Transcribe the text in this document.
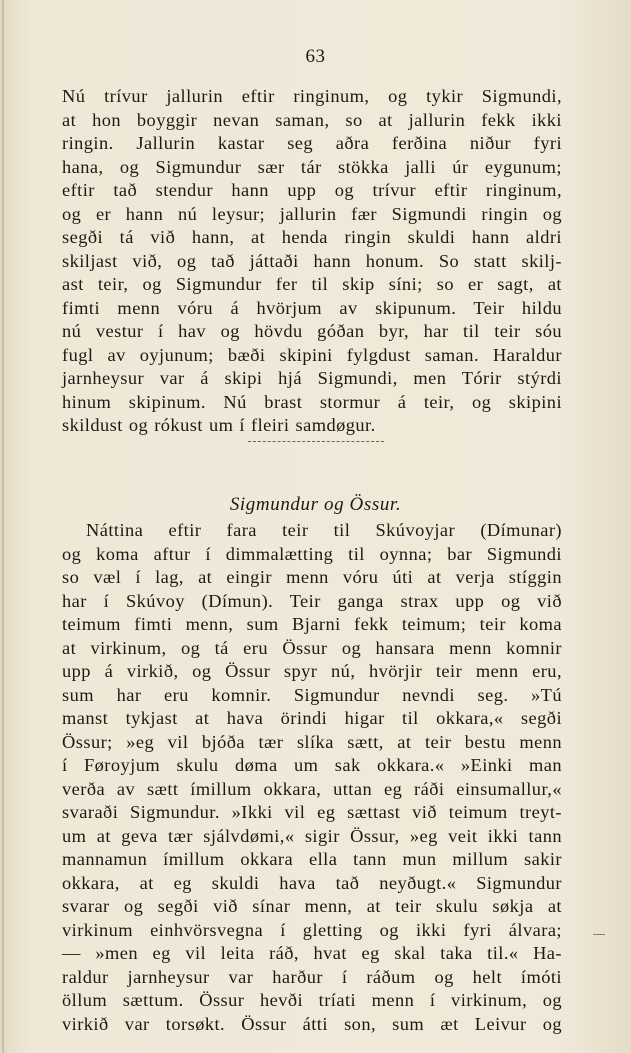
63
Nú trívur jallurin eftir ringinum, og tykir Sigmundi,
at hon boyggir nevan saman, so at jallurin fekk ikki
ringin. Jallurin kastar seg aðra ferðina niður fyri
hana, og Sigmundur sær tár stökka jalli úr eygunum;
eftir tað stendur hann upp og trívur eftir ringinum,
og er hann nú leysur; jallurin fær Sigmundi ringin og
segði tá við hann, at henda ringin skuldi hann aldri
skiljast við, og tað játtaði hann honum. So statt skilj-
ast teir, og Sigmundur fer til skip síni; so er sagt, at
fimti menn vóru á hvörjum av skipunum. Teir hildu
nú vestur í hav og hövdu góðan byr, har til teir sóu
fugl av oyjunum; bæði skipini fylgdust saman. Haraldur
jarnheysur var á skipi hjá Sigmundi, men Tórir stýrdi
hinum skipinum. Nú brast stormur á teir, og skipini
skildust og rókust um í fleiri samdøgur.
Sigmundur og Össur.
Náttina eftir fara teir til Skúvoyjar (Dímunar)
og koma aftur í dimmalætting til oynna; bar Sigmundi
so væl í lag, at eingir menn vóru úti at verja stíggin
har í Skúvoy (Dímun). Teir ganga strax upp og við
teimum fimti menn, sum Bjarni fekk teimum; teir koma
at virkinum, og tá eru Össur og hansara menn komnir
upp á virkið, og Össur spyr nú, hvörjir teir menn eru,
sum har eru komnir. Sigmundur nevndi seg. »Tú
manst tykjast at hava örindi higar til okkara,« segði
Össur; »eg vil bjóða tær slíka sætt, at teir bestu menn
í Føroyjum skulu døma um sak okkara.« »Einki man
verða av sætt ímillum okkara, uttan eg ráði einsumallur,«
svaraði Sigmundur. »Ikki vil eg sættast við teimum treyt-
um at geva tær sjálvdømi,« sigir Össur, »eg veit ikki tann
mannamun ímillum okkara ella tann mun millum sakir
okkara, at eg skuldi hava tað neyðugt.« Sigmundur
svarar og segði við sínar menn, at teir skulu søkja at
virkinum einhvörsvegna í gletting og ikki fyri álvara;
— »men eg vil leita ráð, hvat eg skal taka til.« Ha-
raldur jarnheysur var harður í ráðum og helt ímóti
öllum sættum. Össur hevði tríati menn í virkinum, og
virkið var torsøkt. Össur átti son, sum æt Leivur og
